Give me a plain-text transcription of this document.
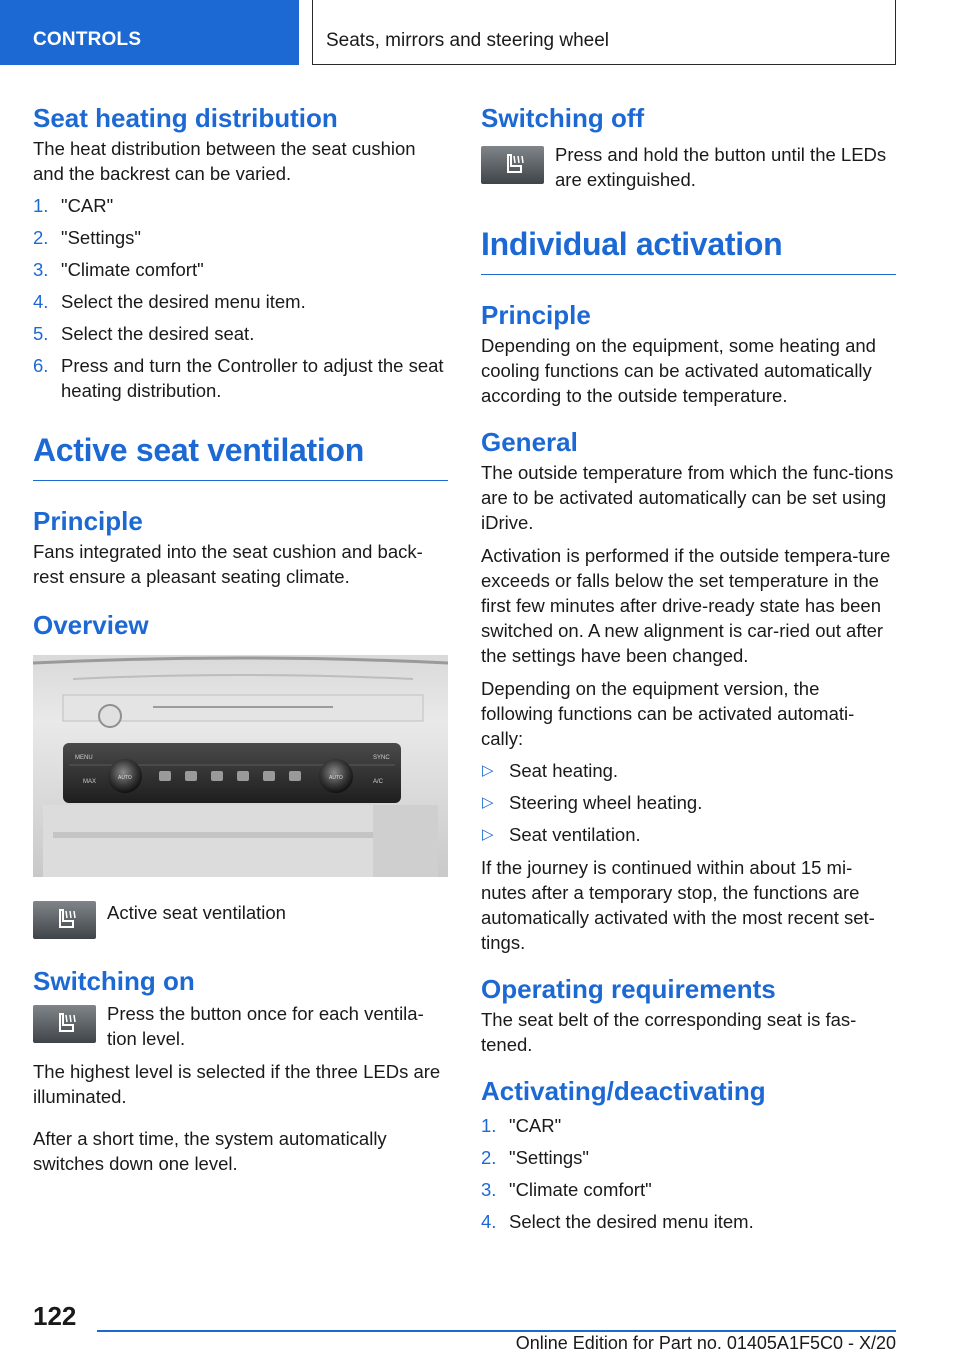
CONTROLS	Seats, mirrors and steering wheel
Seat heating distribution

The heat distribution between the seat cushion and the backrest can be varied.

1. "CAR"
2. "Settings"
3. "Climate comfort"
4. Select the desired menu item.
5. Select the desired seat.
6. Press and turn the Controller to adjust the seat heating distribution.
Active seat ventilation
Principle

Fans integrated into the seat cushion and back-rest ensure a pleasant seating climate.

Overview
MENU
MAX
SYNC
A/C
AUTO	AUTO

Active seat ventilation

Switching on

Press the button once for each ventila-tion level.

The highest level is selected if the three LEDs are illuminated.

After a short time, the system automatically switches down one level.

Switching off

Press and hold the button until the LEDs are extinguished.

Individual activation
Principle

Depending on the equipment, some heating and cooling functions can be activated automatically according to the outside temperature.

General

The outside temperature from which the func-tions are to be activated automatically can be set using iDrive.

Activation is performed if the outside tempera-ture exceeds or falls below the set temperature in the first few minutes after drive-ready state has been switched on. A new alignment is car-ried out after the settings have been changed.

Depending on the equipment version, the following functions can be activated automati-cally:

▷ Seat heating.
▷ Steering wheel heating.
▷ Seat ventilation.

If the journey is continued within about 15 mi-nutes after a temporary stop, the functions are automatically activated with the most recent set-tings.

Operating requirements

The seat belt of the corresponding seat is fas-tened.

Activating/deactivating
1. "CAR"
2. "Settings"
3. "Climate comfort"
4. Select the desired menu item.
122
Online Edition for Part no. 01405A1F5C0 - X/20
